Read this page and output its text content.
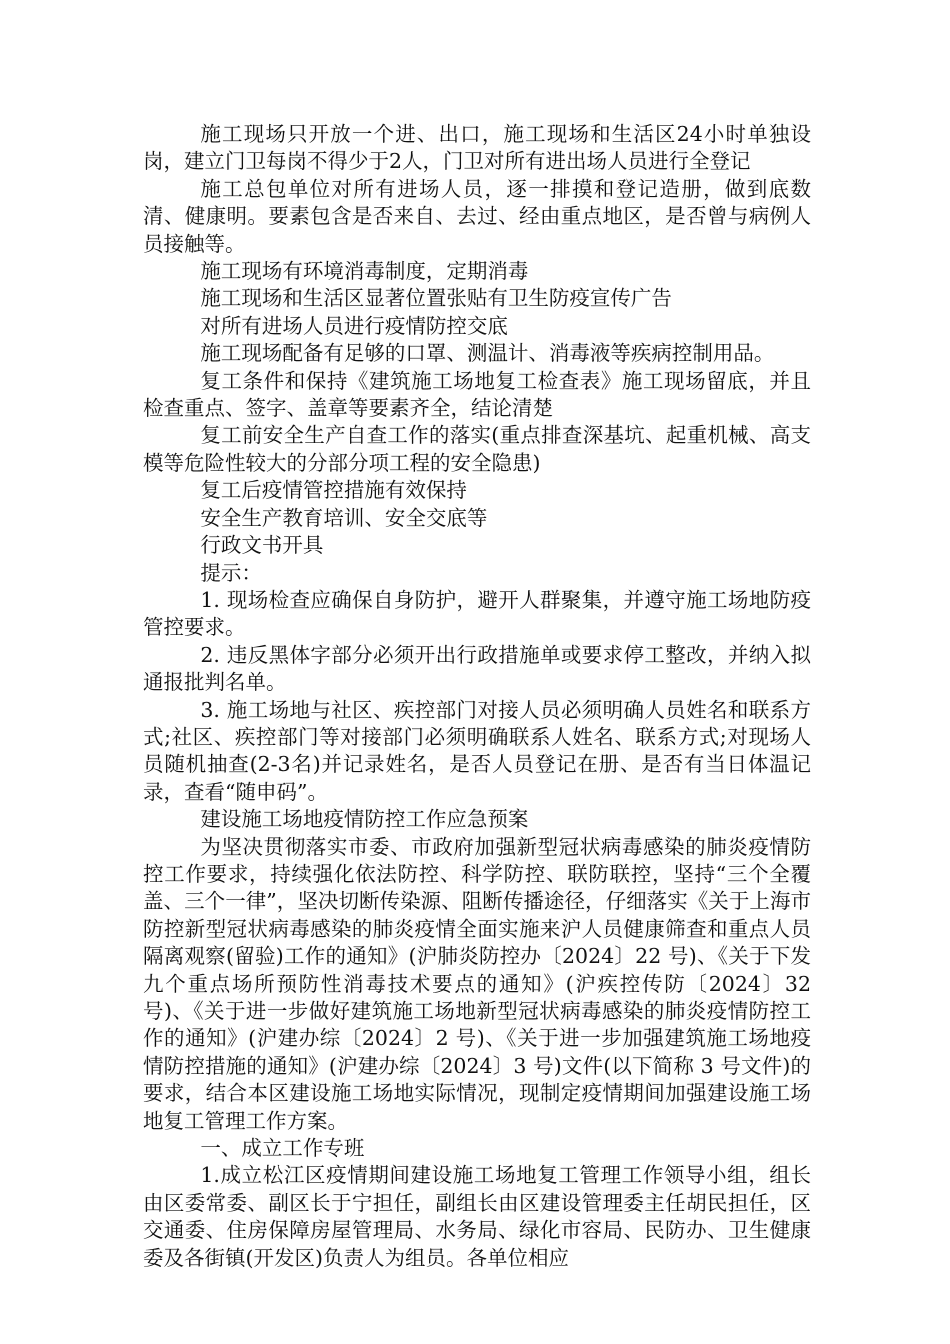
施工现场只开放一个进、出口，施工现场和生活区24小时单独设岗，建立门卫每岗不得少于2人，门卫对所有进出场人员进行全登记

施工总包单位对所有进场人员，逐一排摸和登记造册，做到底数清、健康明。要素包含是否来自、去过、经由重点地区，是否曾与病例人员接触等。

施工现场有环境消毒制度，定期消毒

施工现场和生活区显著位置张贴有卫生防疫宣传广告

对所有进场人员进行疫情防控交底

施工现场配备有足够的口罩、测温计、消毒液等疾病控制用品。

复工条件和保持《建筑施工场地复工检查表》施工现场留底，并且检查重点、签字、盖章等要素齐全，结论清楚

复工前安全生产自查工作的落实(重点排查深基坑、起重机械、高支模等危险性较大的分部分项工程的安全隐患)

复工后疫情管控措施有效保持

安全生产教育培训、安全交底等

行政文书开具

提示：

1. 现场检查应确保自身防护，避开人群聚集，并遵守施工场地防疫管控要求。

2. 违反黑体字部分必须开出行政措施单或要求停工整改，并纳入拟通报批判名单。

3. 施工场地与社区、疾控部门对接人员必须明确人员姓名和联系方式;社区、疾控部门等对接部门必须明确联系人姓名、联系方式;对现场人员随机抽查(2-3名)并记录姓名，是否人员登记在册、是否有当日体温记录，查看“随申码”。

建设施工场地疫情防控工作应急预案

为坚决贯彻落实市委、市政府加强新型冠状病毒感染的肺炎疫情防控工作要求，持续强化依法防控、科学防控、联防联控，坚持“三个全覆盖、三个一律”，坚决切断传染源、阻断传播途径，仔细落实《关于上海市防控新型冠状病毒感染的肺炎疫情全面实施来沪人员健康筛查和重点人员隔离观察(留验)工作的通知》(沪肺炎防控办〔2024〕22 号)、《关于下发九个重点场所预防性消毒技术要点的通知》(沪疾控传防〔2024〕32 号)、《关于进一步做好建筑施工场地新型冠状病毒感染的肺炎疫情防控工作的通知》(沪建办综〔2024〕2 号)、《关于进一步加强建筑施工场地疫情防控措施的通知》(沪建办综〔2024〕3 号)文件(以下简称 3 号文件)的要求，结合本区建设施工场地实际情况，现制定疫情期间加强建设施工场地复工管理工作方案。

一、成立工作专班

1.成立松江区疫情期间建设施工场地复工管理工作领导小组，组长由区委常委、副区长于宁担任，副组长由区建设管理委主任胡民担任，区交通委、住房保障房屋管理局、水务局、绿化市容局、民防办、卫生健康委及各街镇(开发区)负责人为组员。各单位相应
